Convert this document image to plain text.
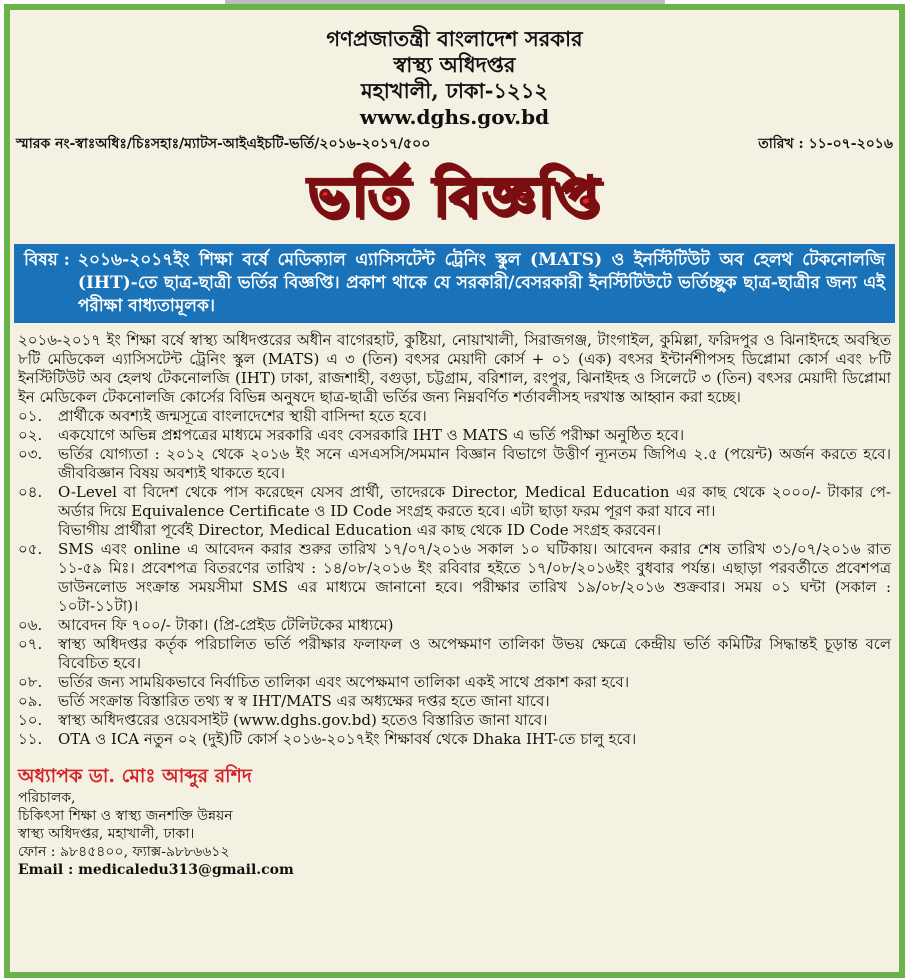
গণপ্রজাতন্ত্রী বাংলাদেশ সরকার
স্বাস্থ্য অধিদপ্তর
মহাখালী, ঢাকা-১২১২
www.dghs.gov.bd
স্মারক নং-স্বাঃঅধিঃ/চিঃসহাঃ/ম্যাটস-আইএইচটি-ভর্তি/২০১৬-২০১৭/৫০০	তারিখ : ১১-০৭-২০১৬
ভর্তি বিজ্ঞপ্তি
বিষয় : ২০১৬-২০১৭ইং শিক্ষা বর্ষে মেডিক্যাল এ্যাসিসটেন্ট ট্রেনিং স্কুল (MATS) ও ইনস্টিটিউট অব হেলথ টেকনোলজি (IHT)-তে ছাত্র-ছাত্রী ভর্তির বিজ্ঞপ্তি। প্রকাশ থাকে যে সরকারী/বেসরকারী ইনস্টিটিউটে ভর্তিচ্ছুক ছাত্র-ছাত্রীর জন্য এই পরীক্ষা বাধ্যতামূলক।
২০১৬-২০১৭ ইং শিক্ষা বর্ষে স্বাস্থ্য অধিদপ্তরের অধীন বাগেরহাট, কুষ্টিয়া, নোয়াখালী, সিরাজগঞ্জ, টাংগাইল, কুমিল্লা, ফরিদপুর ও ঝিনাইদহে অবস্থিত ৮টি মেডিকেল এ্যাসিসটেন্ট ট্রেনিং স্কুল (MATS) এ ৩ (তিন) বৎসর মেয়াদী কোর্স + ০১ (এক) বৎসর ইন্টার্নশীপসহ ডিপ্লোমা কোর্স এবং ৮টি ইনস্টিটিউট অব হেলথ টেকনোলজি (IHT) ঢাকা, রাজশাহী, বগুড়া, চট্টগ্রাম, বরিশাল, রংপুর, ঝিনাইদহ ও সিলেটে ৩ (তিন) বৎসর মেয়াদী ডিপ্লোমা ইন মেডিকেল টেকনোলজি কোর্সের বিভিন্ন অনুষদে ছাত্র-ছাত্রী ভর্তির জন্য নিম্নবর্ণিত শর্তাবলীসহ দরখাস্ত আহ্বান করা হচ্ছে।
০১.	প্রার্থীকে অবশ্যই জন্মসূত্রে বাংলাদেশের স্থায়ী বাসিন্দা হতে হবে।
০২.	একযোগে অভিন্ন প্রশ্নপত্রের মাধ্যমে সরকারি এবং বেসরকারি IHT ও MATS এ ভর্তি পরীক্ষা অনুষ্ঠিত হবে।
০৩.	ভর্তির যোগ্যতা : ২০১২ থেকে ২০১৬ ইং সনে এসএসসি/সমমান বিজ্ঞান বিভাগে উত্তীর্ণ ন্যূনতম জিপিএ ২.৫ (পয়েন্ট) অর্জন করতে হবে। জীববিজ্ঞান বিষয় অবশ্যই থাকতে হবে।
০৪.	O-Level বা বিদেশ থেকে পাস করেছেন যেসব প্রার্থী, তাদেরকে Director, Medical Education এর কাছ থেকে ২০০০/- টাকার পে-অর্ডার দিয়ে Equivalence Certificate ও ID Code সংগ্রহ করতে হবে। এটা ছাড়া ফরম পূরণ করা যাবে না।
বিভাগীয় প্রার্থীরা পূর্বেই Director, Medical Education এর কাছ থেকে ID Code সংগ্রহ করবেন।
০৫.	SMS এবং online এ আবেদন করার শুরুর তারিখ ১৭/০৭/২০১৬ সকাল ১০ ঘটিকায়। আবেদন করার শেষ তারিখ ৩১/০৭/২০১৬ রাত ১১-৫৯ মিঃ। প্রবেশপত্র বিতরণের তারিখ : ১৪/০৮/২০১৬ ইং রবিবার হইতে ১৭/০৮/২০১৬ইং বুধবার পর্যন্ত। এছাড়া পরবর্তীতে প্রবেশপত্র ডাউনলোড সংক্রান্ত সময়সীমা SMS এর মাধ্যমে জানানো হবে। পরীক্ষার তারিখ ১৯/০৮/২০১৬ শুক্রবার। সময় ০১ ঘন্টা (সকাল : ১০টা-১১টা)।
০৬.	আবেদন ফি ৭০০/- টাকা। (প্রি-প্রেইড টেলিটকের মাধ্যমে)
০৭.	স্বাস্থ্য অধিদপ্তর কর্তৃক পরিচালিত ভর্তি পরীক্ষার ফলাফল ও অপেক্ষমাণ তালিকা উভয় ক্ষেত্রে কেন্দ্রীয় ভর্তি কমিটির সিদ্ধান্তই চূড়ান্ত বলে বিবেচিত হবে।
০৮.	ভর্তির জন্য সাময়িকভাবে নির্বাচিত তালিকা এবং অপেক্ষমাণ তালিকা একই সাথে প্রকাশ করা হবে।
০৯.	ভর্তি সংক্রান্ত বিস্তারিত তথ্য স্ব স্ব IHT/MATS এর অধ্যক্ষের দপ্তর হতে জানা যাবে।
১০.	স্বাস্থ্য অধিদপ্তরের ওয়েবসাইট (www.dghs.gov.bd) হতেও বিস্তারিত জানা যাবে।
১১.	OTA ও ICA নতুন ০২ (দুই)টি কোর্স ২০১৬-২০১৭ইং শিক্ষাবর্ষ থেকে Dhaka IHT-তে চালু হবে।
অধ্যাপক ডা. মোঃ আব্দুর রশিদ
পরিচালক,
চিকিৎসা শিক্ষা ও স্বাস্থ্য জনশক্তি উন্নয়ন
স্বাস্থ্য অধিদপ্তর, মহাখালী, ঢাকা।
ফোন : ৯৮৪৫৪০০, ফ্যাক্স-৯৮৮৬৬১২
Email : medicaledu313@gmail.com
